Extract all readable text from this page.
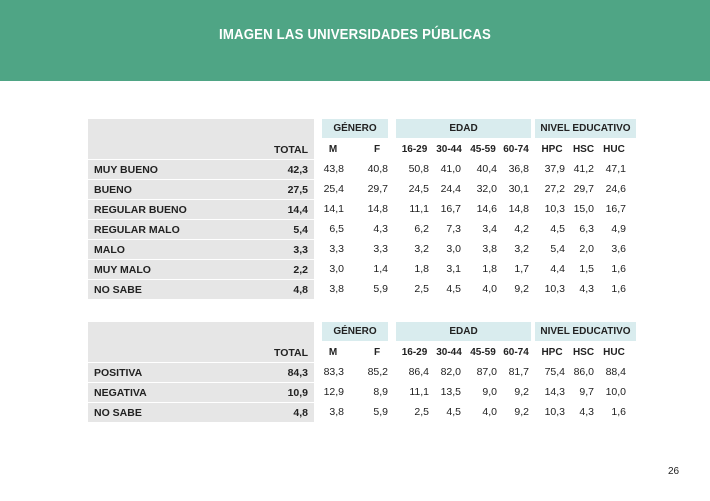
IMAGEN LAS UNIVERSIDADES PÚBLICAS
			GÉNERO				EDAD					NIVEL EDUCATIVO			
	TOTAL		M		F		16-29	30-44	45-59	60-74		HPC	HSC	HUC	
MUY BUENO	42,3		43,8		40,8		50,8	41,0	40,4	36,8		37,9	41,2	47,1	
BUENO	27,5		25,4		29,7		24,5	24,4	32,0	30,1		27,2	29,7	24,6	
REGULAR BUENO	14,4		14,1		14,8		11,1	16,7	14,6	14,8		10,3	15,0	16,7	
REGULAR MALO	5,4		6,5		4,3		6,2	7,3	3,4	4,2		4,5	6,3	4,9	
MALO	3,3		3,3		3,3		3,2	3,0	3,8	3,2		5,4	2,0	3,6	
MUY MALO	2,2		3,0		1,4		1,8	3,1	1,8	1,7		4,4	1,5	1,6	
NO SABE	4,8		3,8		5,9		2,5	4,5	4,0	9,2		10,3	4,3	1,6	
			GÉNERO				EDAD					NIVEL EDUCATIVO			
	TOTAL		M		F		16-29	30-44	45-59	60-74		HPC	HSC	HUC	
POSITIVA	84,3		83,3		85,2		86,4	82,0	87,0	81,7		75,4	86,0	88,4	
NEGATIVA	10,9		12,9		8,9		11,1	13,5	9,0	9,2		14,3	9,7	10,0	
NO SABE	4,8		3,8		5,9		2,5	4,5	4,0	9,2		10,3	4,3	1,6	
26
